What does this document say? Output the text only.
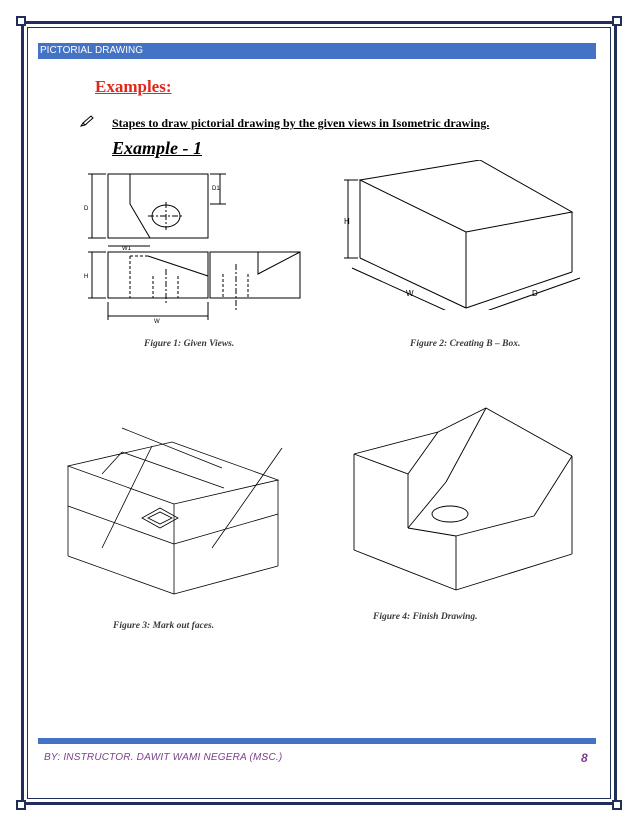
PICTORIAL DRAWING
Examples:
Stapes to draw pictorial drawing by the given views in Isometric drawing.
Example - 1
D1
D
W1
H
W
H
W	D
Figure 1: Given Views.	Figure 2: Creating B – Box.
Figure 4: Finish Drawing.
Figure 3: Mark out faces.
BY: INSTRUCTOR. DAWIT WAMI NEGERA (MSC.)	8
